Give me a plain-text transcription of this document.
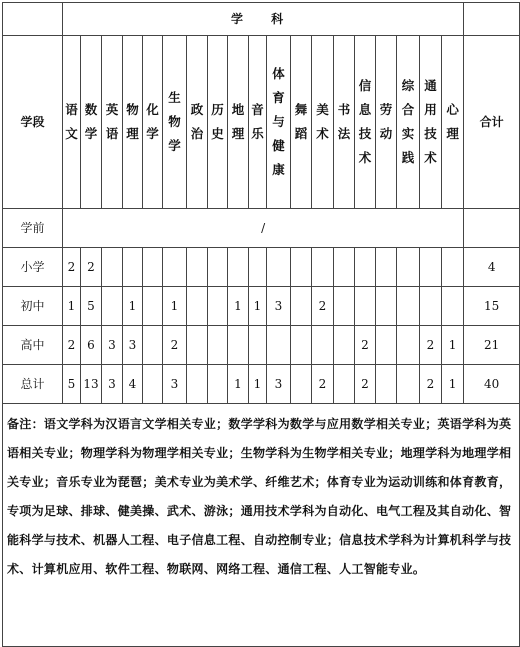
	学 科																			
学段	语文	数学	英语	物理	化学	生物学	政治	历史	地理	音乐	体育与健康	舞蹈	美术	书法	信息技术	劳动	综合实践	通用技术	心理	合计
学前	/																			
小学	2	2																		4
初中	1	5		1		1			1	1	3		2							15
高中	2	6	3	3		2									2			2	1	21
总计	5	13	3	4		3			1	1	3		2		2			2	1	40
备注：语文学科为汉语言文学相关专业；数学学科为数学与应用数学相关专业；英语学科为英语相关专业；物理学科为物理学相关专业；生物学科为生物学相关专业；地理学科为地理学相关专业；音乐专业为琵琶；美术专业为美术学、纤维艺术；体育专业为运动训练和体育教育，专项为足球、排球、健美操、武术、游泳；通用技术学科为自动化、电气工程及其自动化、智能科学与技术、机器人工程、电子信息工程、自动控制专业；信息技术学科为计算机科学与技术、计算机应用、软件工程、物联网、网络工程、通信工程、人工智能专业。																				
